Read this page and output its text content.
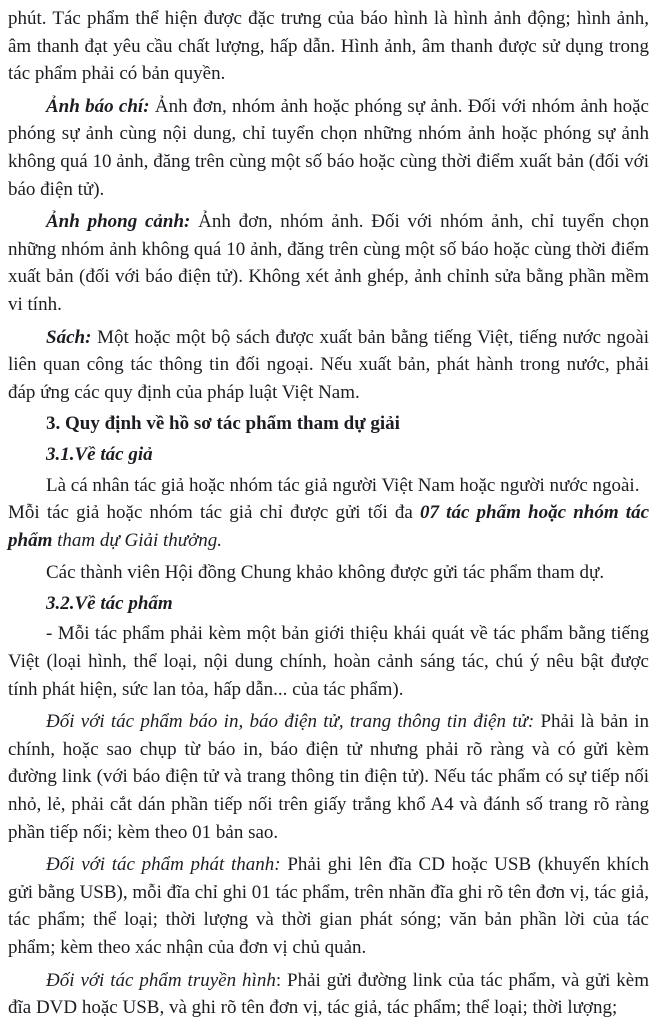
phút. Tác phẩm thể hiện được đặc trưng của báo hình là hình ảnh động; hình ảnh, âm thanh đạt yêu cầu chất lượng, hấp dẫn. Hình ảnh, âm thanh được sử dụng trong tác phẩm phải có bản quyền.

Ảnh báo chí: Ảnh đơn, nhóm ảnh hoặc phóng sự ảnh. Đối với nhóm ảnh hoặc phóng sự ảnh cùng nội dung, chỉ tuyển chọn những nhóm ảnh hoặc phóng sự ảnh không quá 10 ảnh, đăng trên cùng một số báo hoặc cùng thời điểm xuất bản (đối với báo điện tử).

Ảnh phong cảnh: Ảnh đơn, nhóm ảnh. Đối với nhóm ảnh, chỉ tuyển chọn những nhóm ảnh không quá 10 ảnh, đăng trên cùng một số báo hoặc cùng thời điểm xuất bản (đối với báo điện tử). Không xét ảnh ghép, ảnh chỉnh sửa bằng phần mềm vi tính.

Sách: Một hoặc một bộ sách được xuất bản bằng tiếng Việt, tiếng nước ngoài liên quan công tác thông tin đối ngoại. Nếu xuất bản, phát hành trong nước, phải đáp ứng các quy định của pháp luật Việt Nam.

3. Quy định về hồ sơ tác phẩm tham dự giải

3.1.Về tác giả

Là cá nhân tác giả hoặc nhóm tác giả người Việt Nam hoặc người nước ngoài.

Mỗi tác giả hoặc nhóm tác giả chỉ được gửi tối đa 07 tác phẩm hoặc nhóm tác phẩm tham dự Giải thưởng.

Các thành viên Hội đồng Chung khảo không được gửi tác phẩm tham dự.

3.2.Về tác phẩm

- Mỗi tác phẩm phải kèm một bản giới thiệu khái quát về tác phẩm bằng tiếng Việt (loại hình, thể loại, nội dung chính, hoàn cảnh sáng tác, chú ý nêu bật được tính phát hiện, sức lan tỏa, hấp dẫn... của tác phẩm).

Đối với tác phẩm báo in, báo điện tử, trang thông tin điện tử: Phải là bản in chính, hoặc sao chụp từ báo in, báo điện tử nhưng phải rõ ràng và có gửi kèm đường link (với báo điện tử và trang thông tin điện tử). Nếu tác phẩm có sự tiếp nối nhỏ, lẻ, phải cắt dán phần tiếp nối trên giấy trắng khổ A4 và đánh số trang rõ ràng phần tiếp nối; kèm theo 01 bản sao.

Đối với tác phẩm phát thanh: Phải ghi lên đĩa CD hoặc USB (khuyến khích gửi bằng USB), mỗi đĩa chỉ ghi 01 tác phẩm, trên nhãn đĩa ghi rõ tên đơn vị, tác giả, tác phẩm; thể loại; thời lượng và thời gian phát sóng; văn bản phần lời của tác phẩm; kèm theo xác nhận của đơn vị chủ quản.

Đối với tác phẩm truyền hình: Phải gửi đường link của tác phẩm, và gửi kèm đĩa DVD hoặc USB, và ghi rõ tên đơn vị, tác giả, tác phẩm; thể loại; thời lượng;
